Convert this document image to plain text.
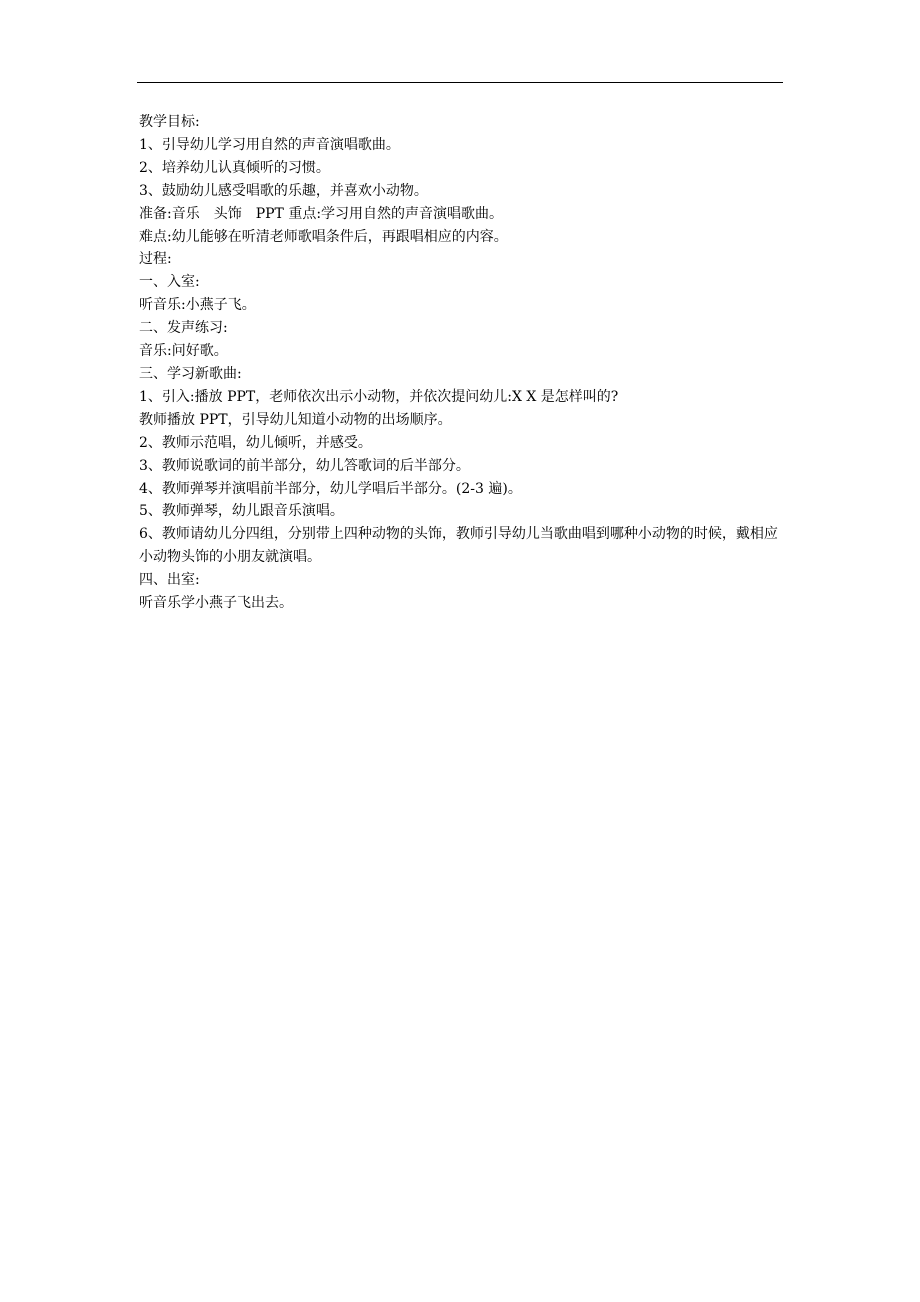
教学目标:

1、引导幼儿学习用自然的声音演唱歌曲。

2、培养幼儿认真倾听的习惯。

3、鼓励幼儿感受唱歌的乐趣，并喜欢小动物。

准备:音乐　头饰　PPT 重点:学习用自然的声音演唱歌曲。

难点:幼儿能够在听清老师歌唱条件后，再跟唱相应的内容。

过程:

一、入室:

听音乐:小燕子飞。

二、发声练习:

音乐:问好歌。

三、学习新歌曲:

1、引入:播放 PPT，老师依次出示小动物，并依次提问幼儿:X X 是怎样叫的?

教师播放 PPT，引导幼儿知道小动物的出场顺序。

2、教师示范唱，幼儿倾听，并感受。

3、教师说歌词的前半部分，幼儿答歌词的后半部分。

4、教师弹琴并演唱前半部分，幼儿学唱后半部分。(2-3 遍)。

5、教师弹琴，幼儿跟音乐演唱。

6、教师请幼儿分四组，分别带上四种动物的头饰，教师引导幼儿当歌曲唱到哪种小动物的时候，戴相应小动物头饰的小朋友就演唱。

四、出室:

听音乐学小燕子飞出去。
